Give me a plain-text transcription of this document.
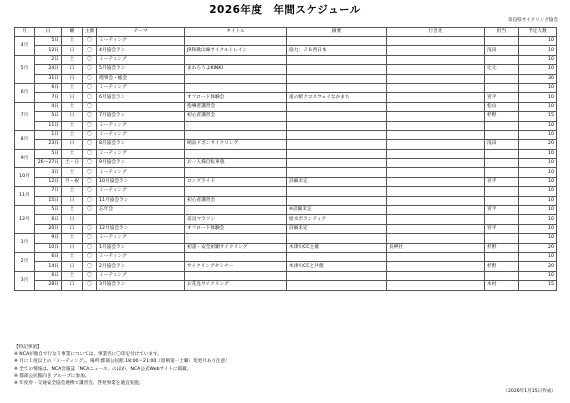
2026年度　年間スケジュール
奈良県サイクリング協会
月	日	曜	主催	テーマ	タイトル	摘要	行き先	担当	予定人数
4月	5日	土	〇	ミーティング					10
	12日	日	〇	4月協会ラン	JR和歌山線サイクルトレイン	協力：ＪＲ西日本		浅田	10
5月	2日	土	〇	ミーティング					10
	24日	日	〇	5月協会ラン	まわろうよKINKI			辻元	10
	31日	日	〇	理事会・総会					30
6月	6日	土	〇	ミーティング					10
	7日	日	〇	6月協会ラン	オフロード体験会	道の駅クロスウェイなかまち		宮平	10
7月	4日	土	〇		指導者講習会			松山	10
	5日	日	〇	7月協会ラン	初心者講習会			杉野	15
	11日	土	〇	ミーティング					10
8月	1日	土	〇	ミーティング					10
	23日	日	〇	8月協会ラン	納涼ドボンサイクリング			浅田	20
9月	5日	土	〇	ミーティング					10
	26〜27日	土・日	〇	9月協会ラン	お一人様自転車旅				10
10月	3日	土	〇	ミーティング					10
	12日	月・祝	〇	10月協会ラン	ロングライド	詳細未定		宮平	10
11月	7日	土	〇	ミーティング					10
	15日	日	〇	11月協会ラン	初心者講習会				10
12月	5日	土	〇	忘年会		※詳細未定		宮平	10
	6日	日			奈良マラソン	給水ボランティア			10
	20日	日	〇	12月協会ラン	オフロード体験会	詳細未定		宮平	10
1月	9日	土	〇	ミーティング					10
	10日	日	〇	1月協会ラン	初詣・安全祈願サイクリング	木津川CC主催	長岬社	杉野	20
2月	6日	土	〇	ミーティング					10
	14日	日	〇	2月協会ラン	サイクリングセミナー	木津川CCと共催		杉野	20
3月	6日	土	〇	ミーティング					10
	28日	日	〇	3月協会ラン	お花見サイクリング			木村	15
【特記事項】
※ NCAが独自で行なう事業については、事業名に〇印を付けています。
※ 月に１度以上の「ミーティング」。場所:郡部公民館 18:00〜21:00（原則第一土曜）変更月あり注意！
※ 全ての情報は、NCA会報誌「NCAニュース」のほか、NCA公式Webサイトに掲載。
※ 都部公民館向き グループに参加。
※ 年度券・交通安全協会連携で講習会、啓発事業を適宜実施。
（2026年1月15日作成）
